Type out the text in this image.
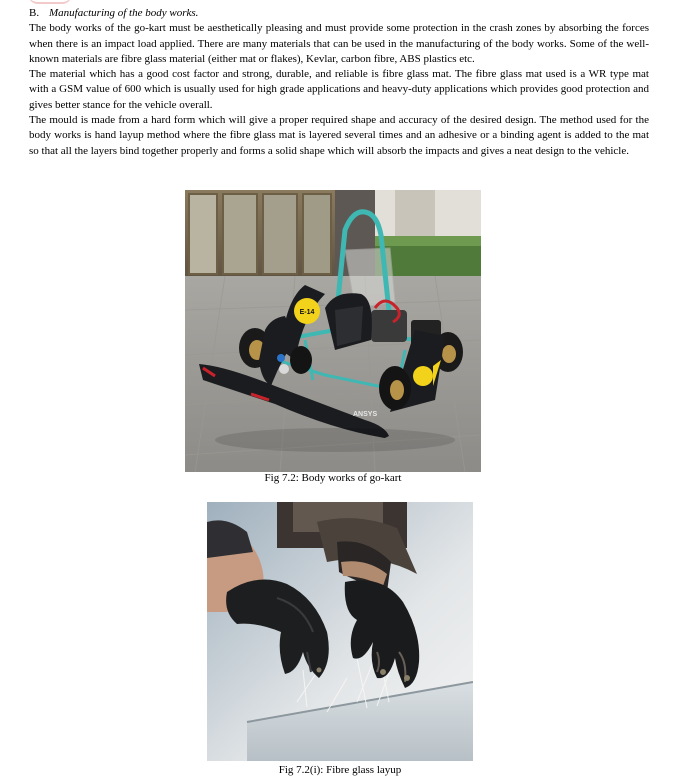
B. Manufacturing of the body works.

The body works of the go-kart must be aesthetically pleasing and must provide some protection in the crash zones by absorbing the forces when there is an impact load applied. There are many materials that can be used in the manufacturing of the body works. Some of the well-known materials are fibre glass material (either mat or flakes), Kevlar, carbon fibre, ABS plastics etc.

The material which has a good cost factor and strong, durable, and reliable is fibre glass mat. The fibre glass mat used is a WR type mat with a GSM value of 600 which is usually used for high grade applications and heavy-duty applications which provides good protection and gives better stance for the vehicle overall.

The mould is made from a hard form which will give a proper required shape and accuracy of the desired design. The method used for the body works is hand layup method where the fibre glass mat is layered several times and an adhesive or a binding agent is added to the mat so that all the layers bind together properly and forms a solid shape which will absorb the impacts and gives a neat design to the vehicle.

E-14
ANSYS
Fig 7.2: Body works of go-kart
Fig 7.2(i): Fibre glass layup
